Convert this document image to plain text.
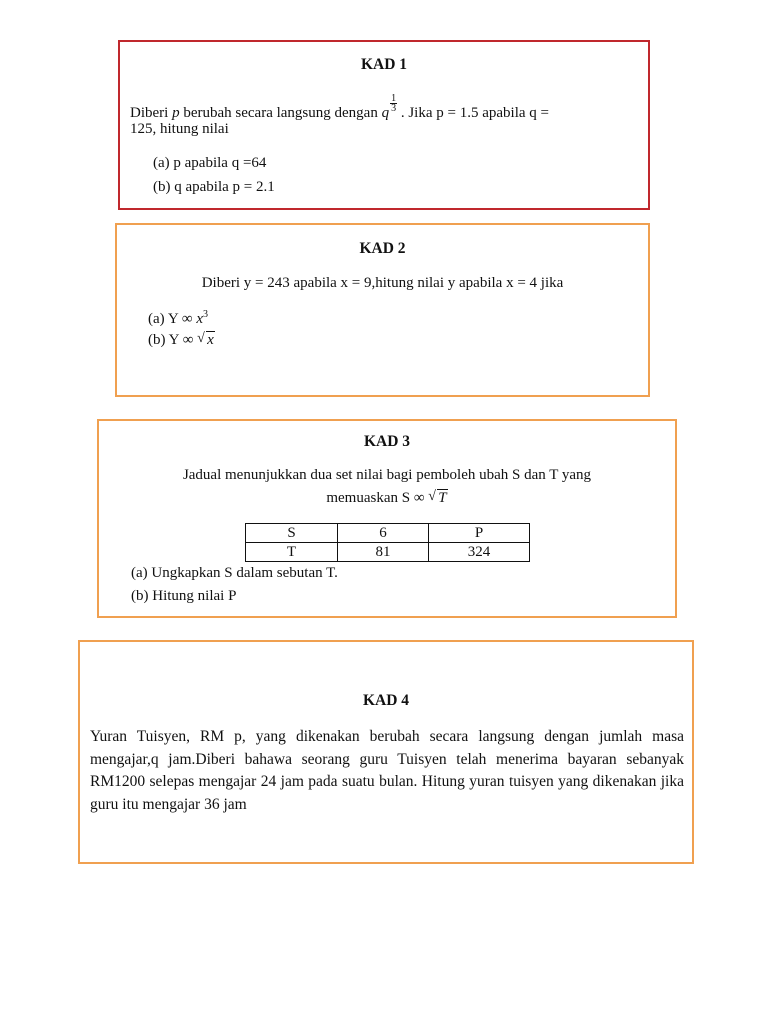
KAD 1
Diberi p berubah secara langsung dengan q $\frac{1}{3}$ . Jika p = 1.5 apabila q =
125, hitung nilai
(a) p apabila q =64
(b) q apabila p = 2.1
KAD 2
Diberi y = 243 apabila x = 9,hitung nilai y apabila x = 4 jika
(a) Y ∞ $x^3$
(b) Y ∞ √ x
KAD 3
Jadual menunjukkan dua set nilai bagi pemboleh ubah S dan T yang
memuaskan S ∞ √ T
S	6	P
T	81	324
(a) Ungkapkan S dalam sebutan T.
(b) Hitung nilai P
KAD 4
Yuran Tuisyen, RM p, yang dikenakan berubah secara langsung dengan jumlah masa mengajar,q jam.Diberi bahawa seorang guru Tuisyen telah menerima bayaran sebanyak RM1200 selepas mengajar 24 jam pada suatu bulan. Hitung yuran tuisyen yang dikenakan jika guru itu mengajar 36 jam
